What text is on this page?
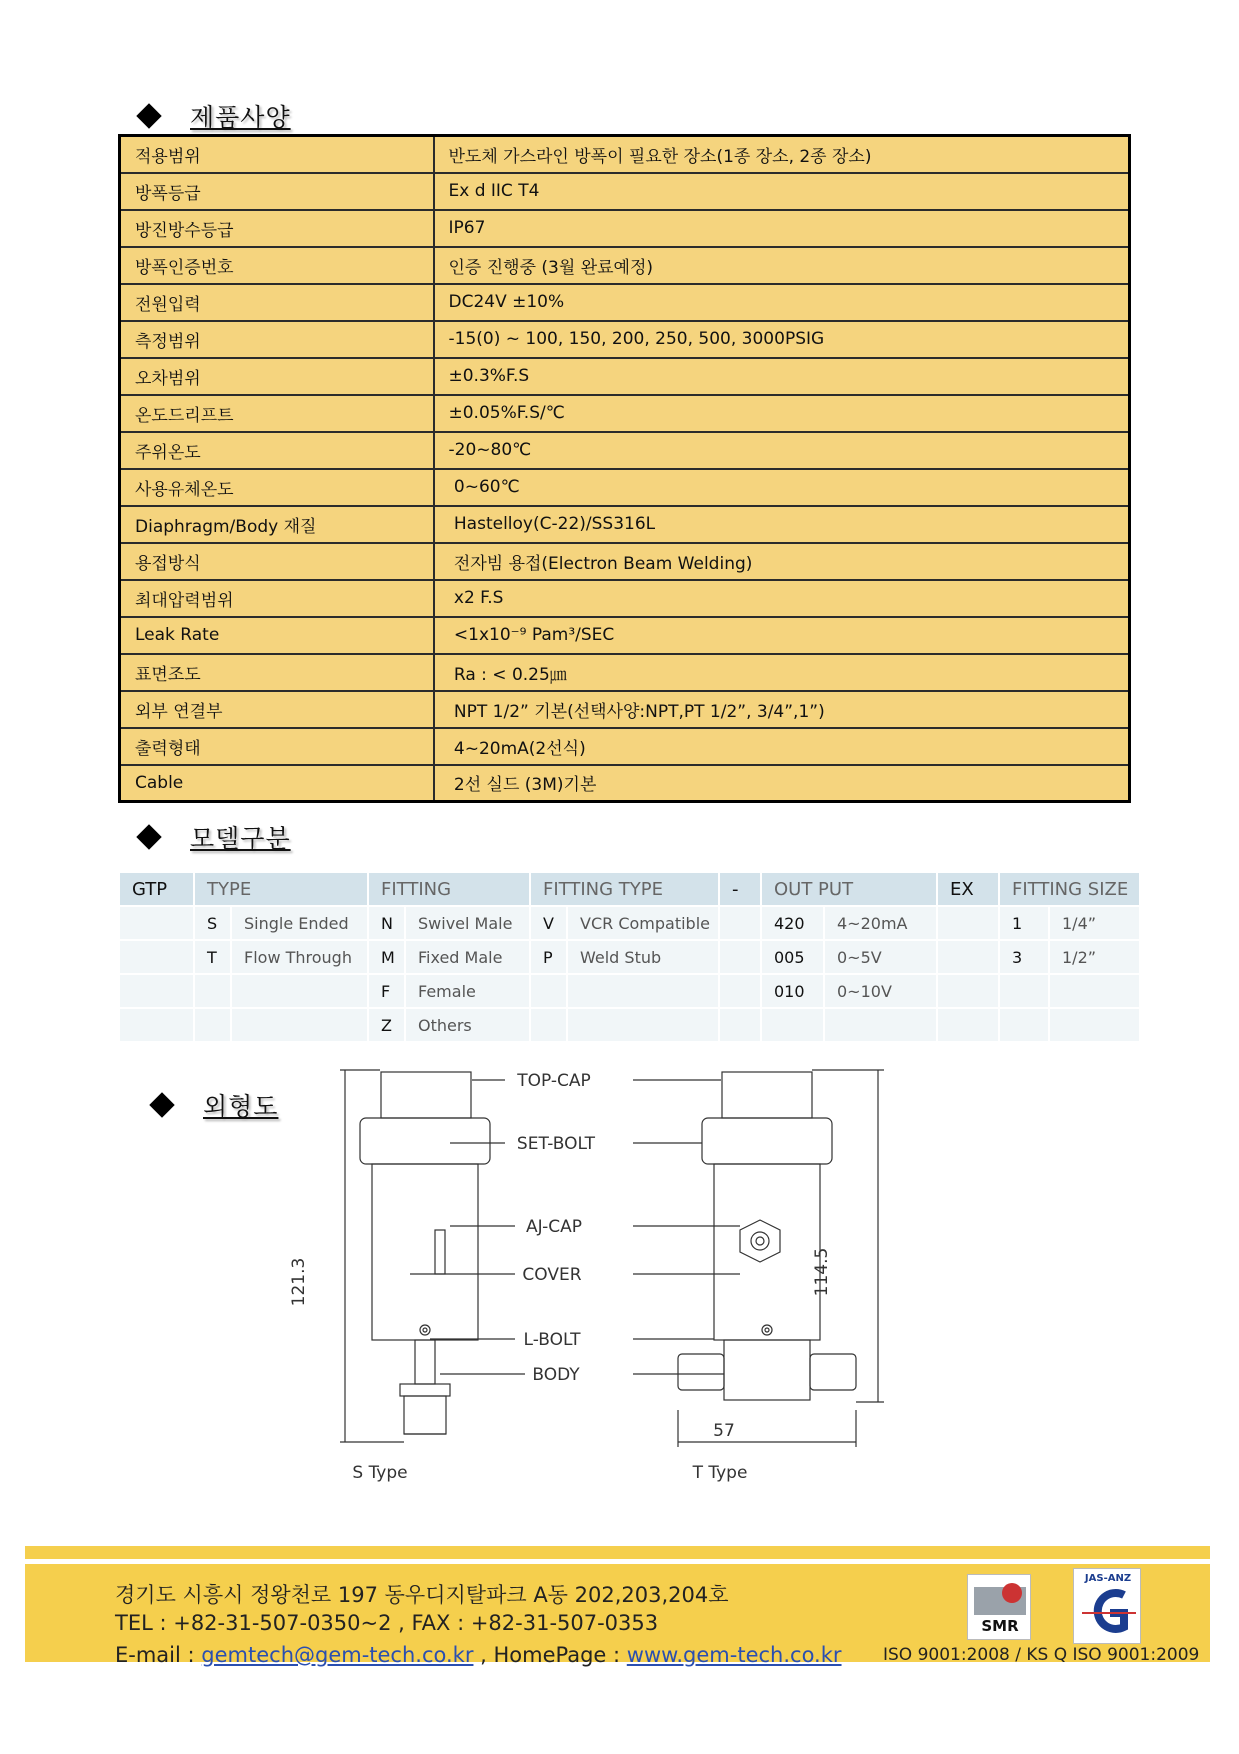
제품사양
적용범위	반도체 가스라인 방폭이 필요한 장소(1종 장소, 2종 장소)
방폭등급	Ex d IIC T4
방진방수등급	IP67
방폭인증번호	인증 진행중 (3월 완료예정)
전원입력	DC24V ±10%
측정범위	-15(0) ~ 100, 150, 200, 250, 500, 3000PSIG
오차범위	±0.3%F.S
온도드리프트	±0.05%F.S/℃
주위온도	-20~80℃
사용유체온도	0~60℃
Diaphragm/Body 재질	Hastelloy(C-22)/SS316L
용접방식	전자빔 용접(Electron Beam Welding)
최대압력범위	x2 F.S
Leak Rate	<1x10⁻⁹ Pam³/SEC
표면조도	Ra : < 0.25㎛
외부 연결부	NPT 1/2” 기본(선택사양:NPT,PT 1/2”, 3/4”,1”)
출력형태	4~20mA(2선식)
Cable	2선 실드 (3M)기본
모델구분
GTP	TYPE		FITTING		FITTING TYPE		-	OUT PUT		EX	FITTING SIZE	
	S	Single Ended	N	Swivel Male	V	VCR Compatible		420	4~20mA		1	1/4”
	T	Flow Through	M	Fixed Male	P	Weld Stub		005	0~5V		3	1/2”
			F	Female				010	0~10V			
			Z	Others								
외형도
TOP-CAP
SET-BOLT
AJ-CAP
COVER
L-BOLT
BODY
57
S Type	T Type
121.3	114.5
경기도 시흥시 정왕천로 197 동우디지탈파크 A동 202,203,204호
TEL : +82-31-507-0350~2 , FAX : +82-31-507-0353
E-mail : gemtech@gem-tech.co.kr , HomePage : www.gem-tech.co.kr ISO 9001:2008 / KS Q ISO 9001:2009
SMR
JAS-ANZ
